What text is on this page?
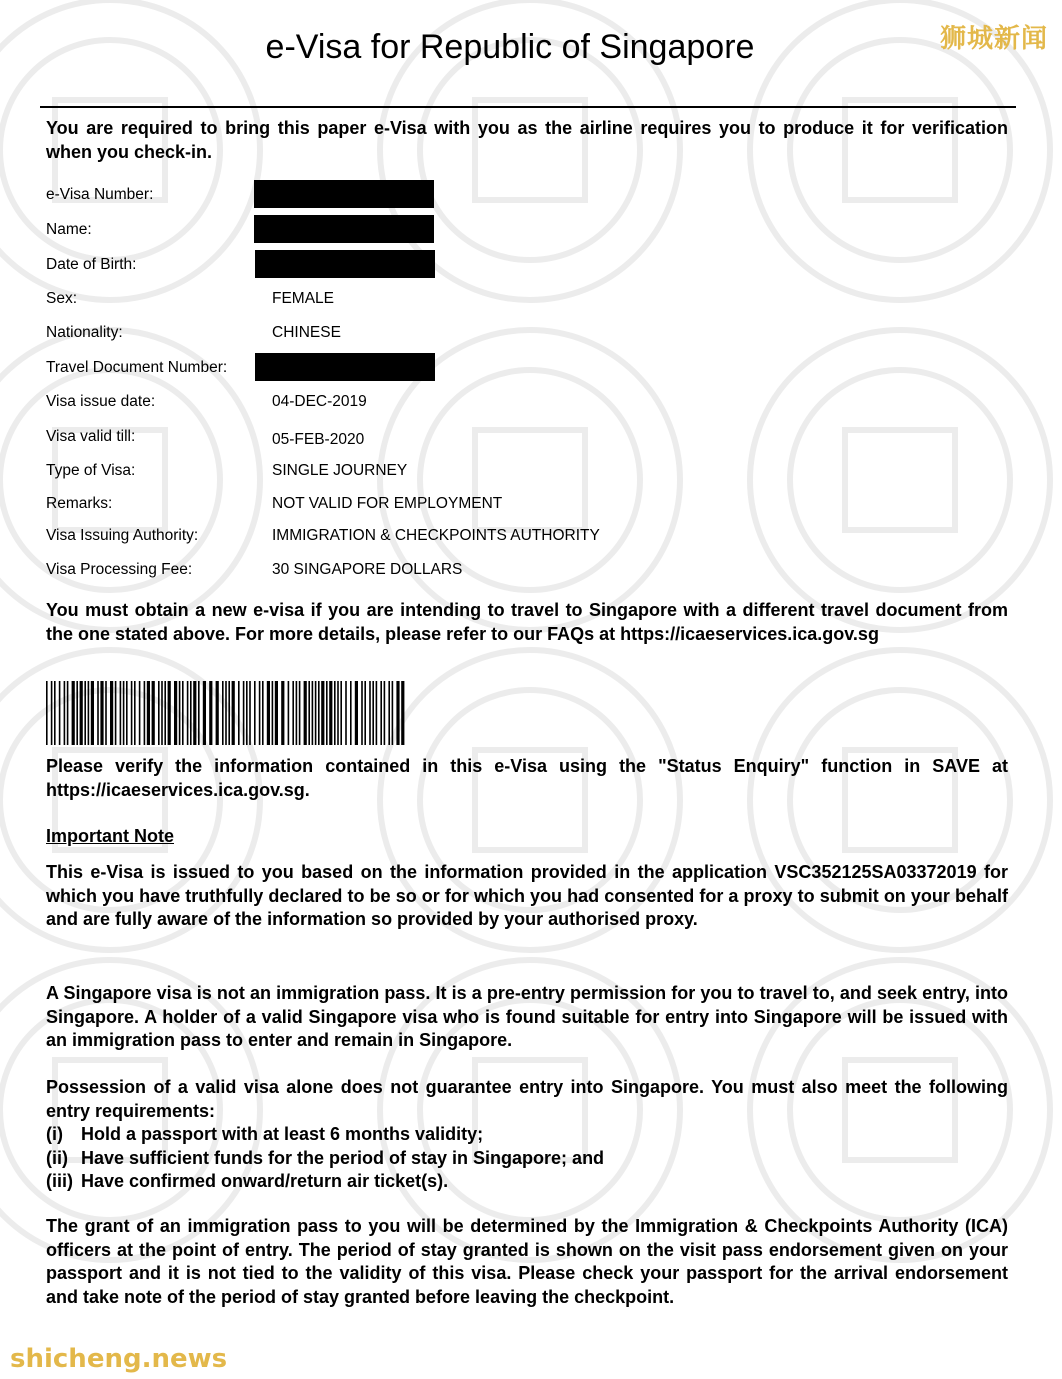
狮城新闻
e-Visa for Republic of Singapore

You are required to bring this paper e-Visa with you as the airline requires you to produce it for verification when you check-in.

e-Visa Number:
Name:
Date of Birth:
Sex:	FEMALE
Nationality:	CHINESE
Travel Document Number:
Visa issue date:	04-DEC-2019
Visa valid till:	05-FEB-2020
Type of Visa:	SINGLE JOURNEY
Remarks:	NOT VALID FOR EMPLOYMENT
Visa Issuing Authority:	IMMIGRATION & CHECKPOINTS AUTHORITY
Visa Processing Fee:	30 SINGAPORE DOLLARS

You must obtain a new e-visa if you are intending to travel to Singapore with a different travel document from the one stated above. For more details, please refer to our FAQs at https://icaeservices.ica.gov.sg

Please verify the information contained in this e-Visa using the "Status Enquiry" function in SAVE at https://icaeservices.ica.gov.sg.

Important Note

This e-Visa is issued to you based on the information provided in the application VSC352125SA03372019 for which you have truthfully declared to be so or for which you had consented for a proxy to submit on your behalf and are fully aware of the information so provided by your authorised proxy.

A Singapore visa is not an immigration pass. It is a pre-entry permission for you to travel to, and seek entry, into Singapore. A holder of a valid Singapore visa who is found suitable for entry into Singapore will be issued with an immigration pass to enter and remain in Singapore.

Possession of a valid visa alone does not guarantee entry into Singapore. You must also meet the following entry requirements:
(i) Hold a passport with at least 6 months validity;
(ii) Have sufficient funds for the period of stay in Singapore; and
(iii) Have confirmed onward/return air ticket(s).

The grant of an immigration pass to you will be determined by the Immigration & Checkpoints Authority (ICA) officers at the point of entry. The period of stay granted is shown on the visit pass endorsement given on your passport and it is not tied to the validity of this visa. Please check your passport for the arrival endorsement and take note of the period of stay granted before leaving the checkpoint.

shicheng.news
